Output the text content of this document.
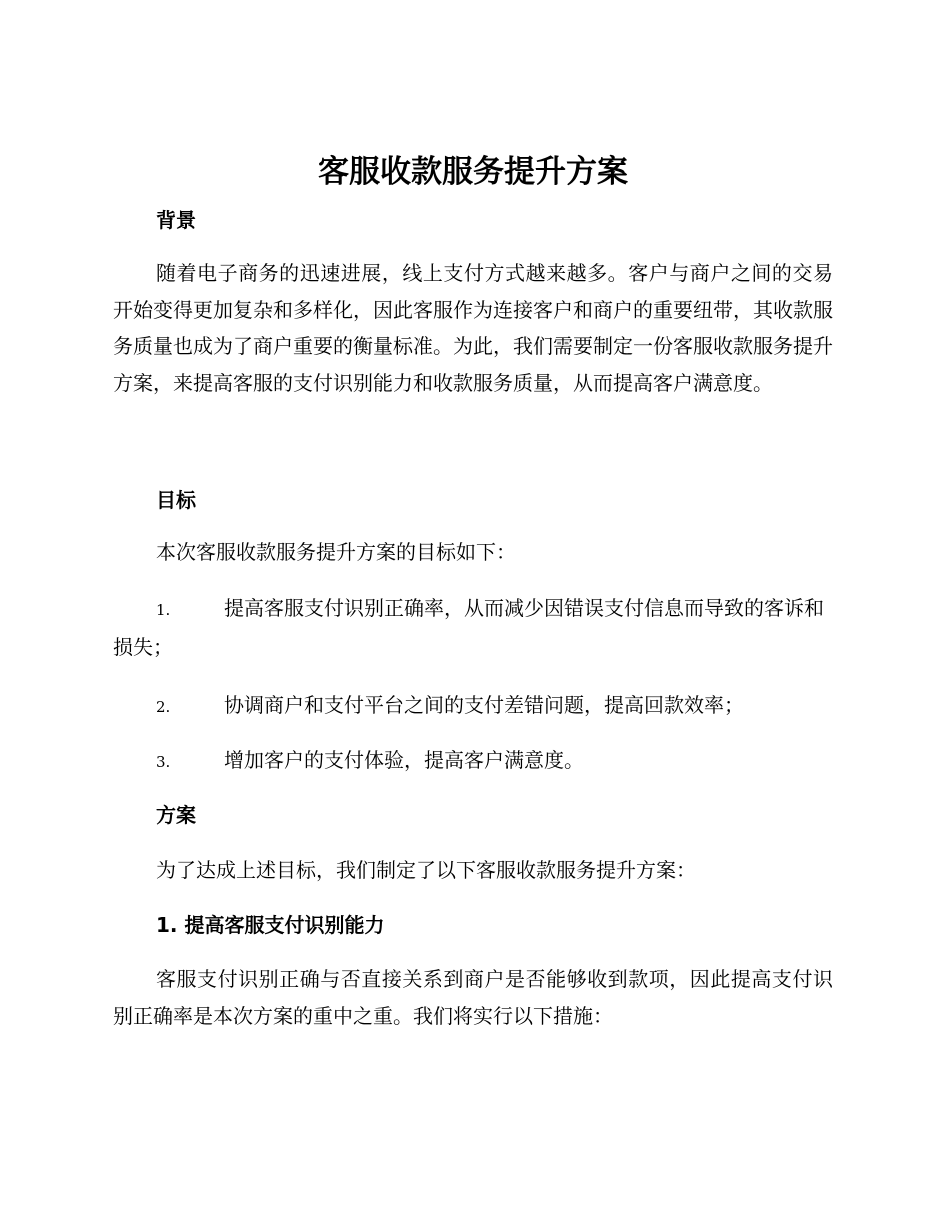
客服收款服务提升方案
背景

随着电子商务的迅速进展，线上支付方式越来越多。客户与商户之间的交易开始变得更加复杂和多样化，因此客服作为连接客户和商户的重要纽带，其收款服务质量也成为了商户重要的衡量标准。为此，我们需要制定一份客服收款服务提升方案，来提高客服的支付识别能力和收款服务质量，从而提高客户满意度。

目标

本次客服收款服务提升方案的目标如下：

1.	提高客服支付识别正确率，从而减少因错误支付信息而导致的客诉和损失；
2.	协调商户和支付平台之间的支付差错问题，提高回款效率；
3.	增加客户的支付体验，提高客户满意度。
方案

为了达成上述目标，我们制定了以下客服收款服务提升方案：

1. 提高客服支付识别能力

客服支付识别正确与否直接关系到商户是否能够收到款项，因此提高支付识别正确率是本次方案的重中之重。我们将实行以下措施：
